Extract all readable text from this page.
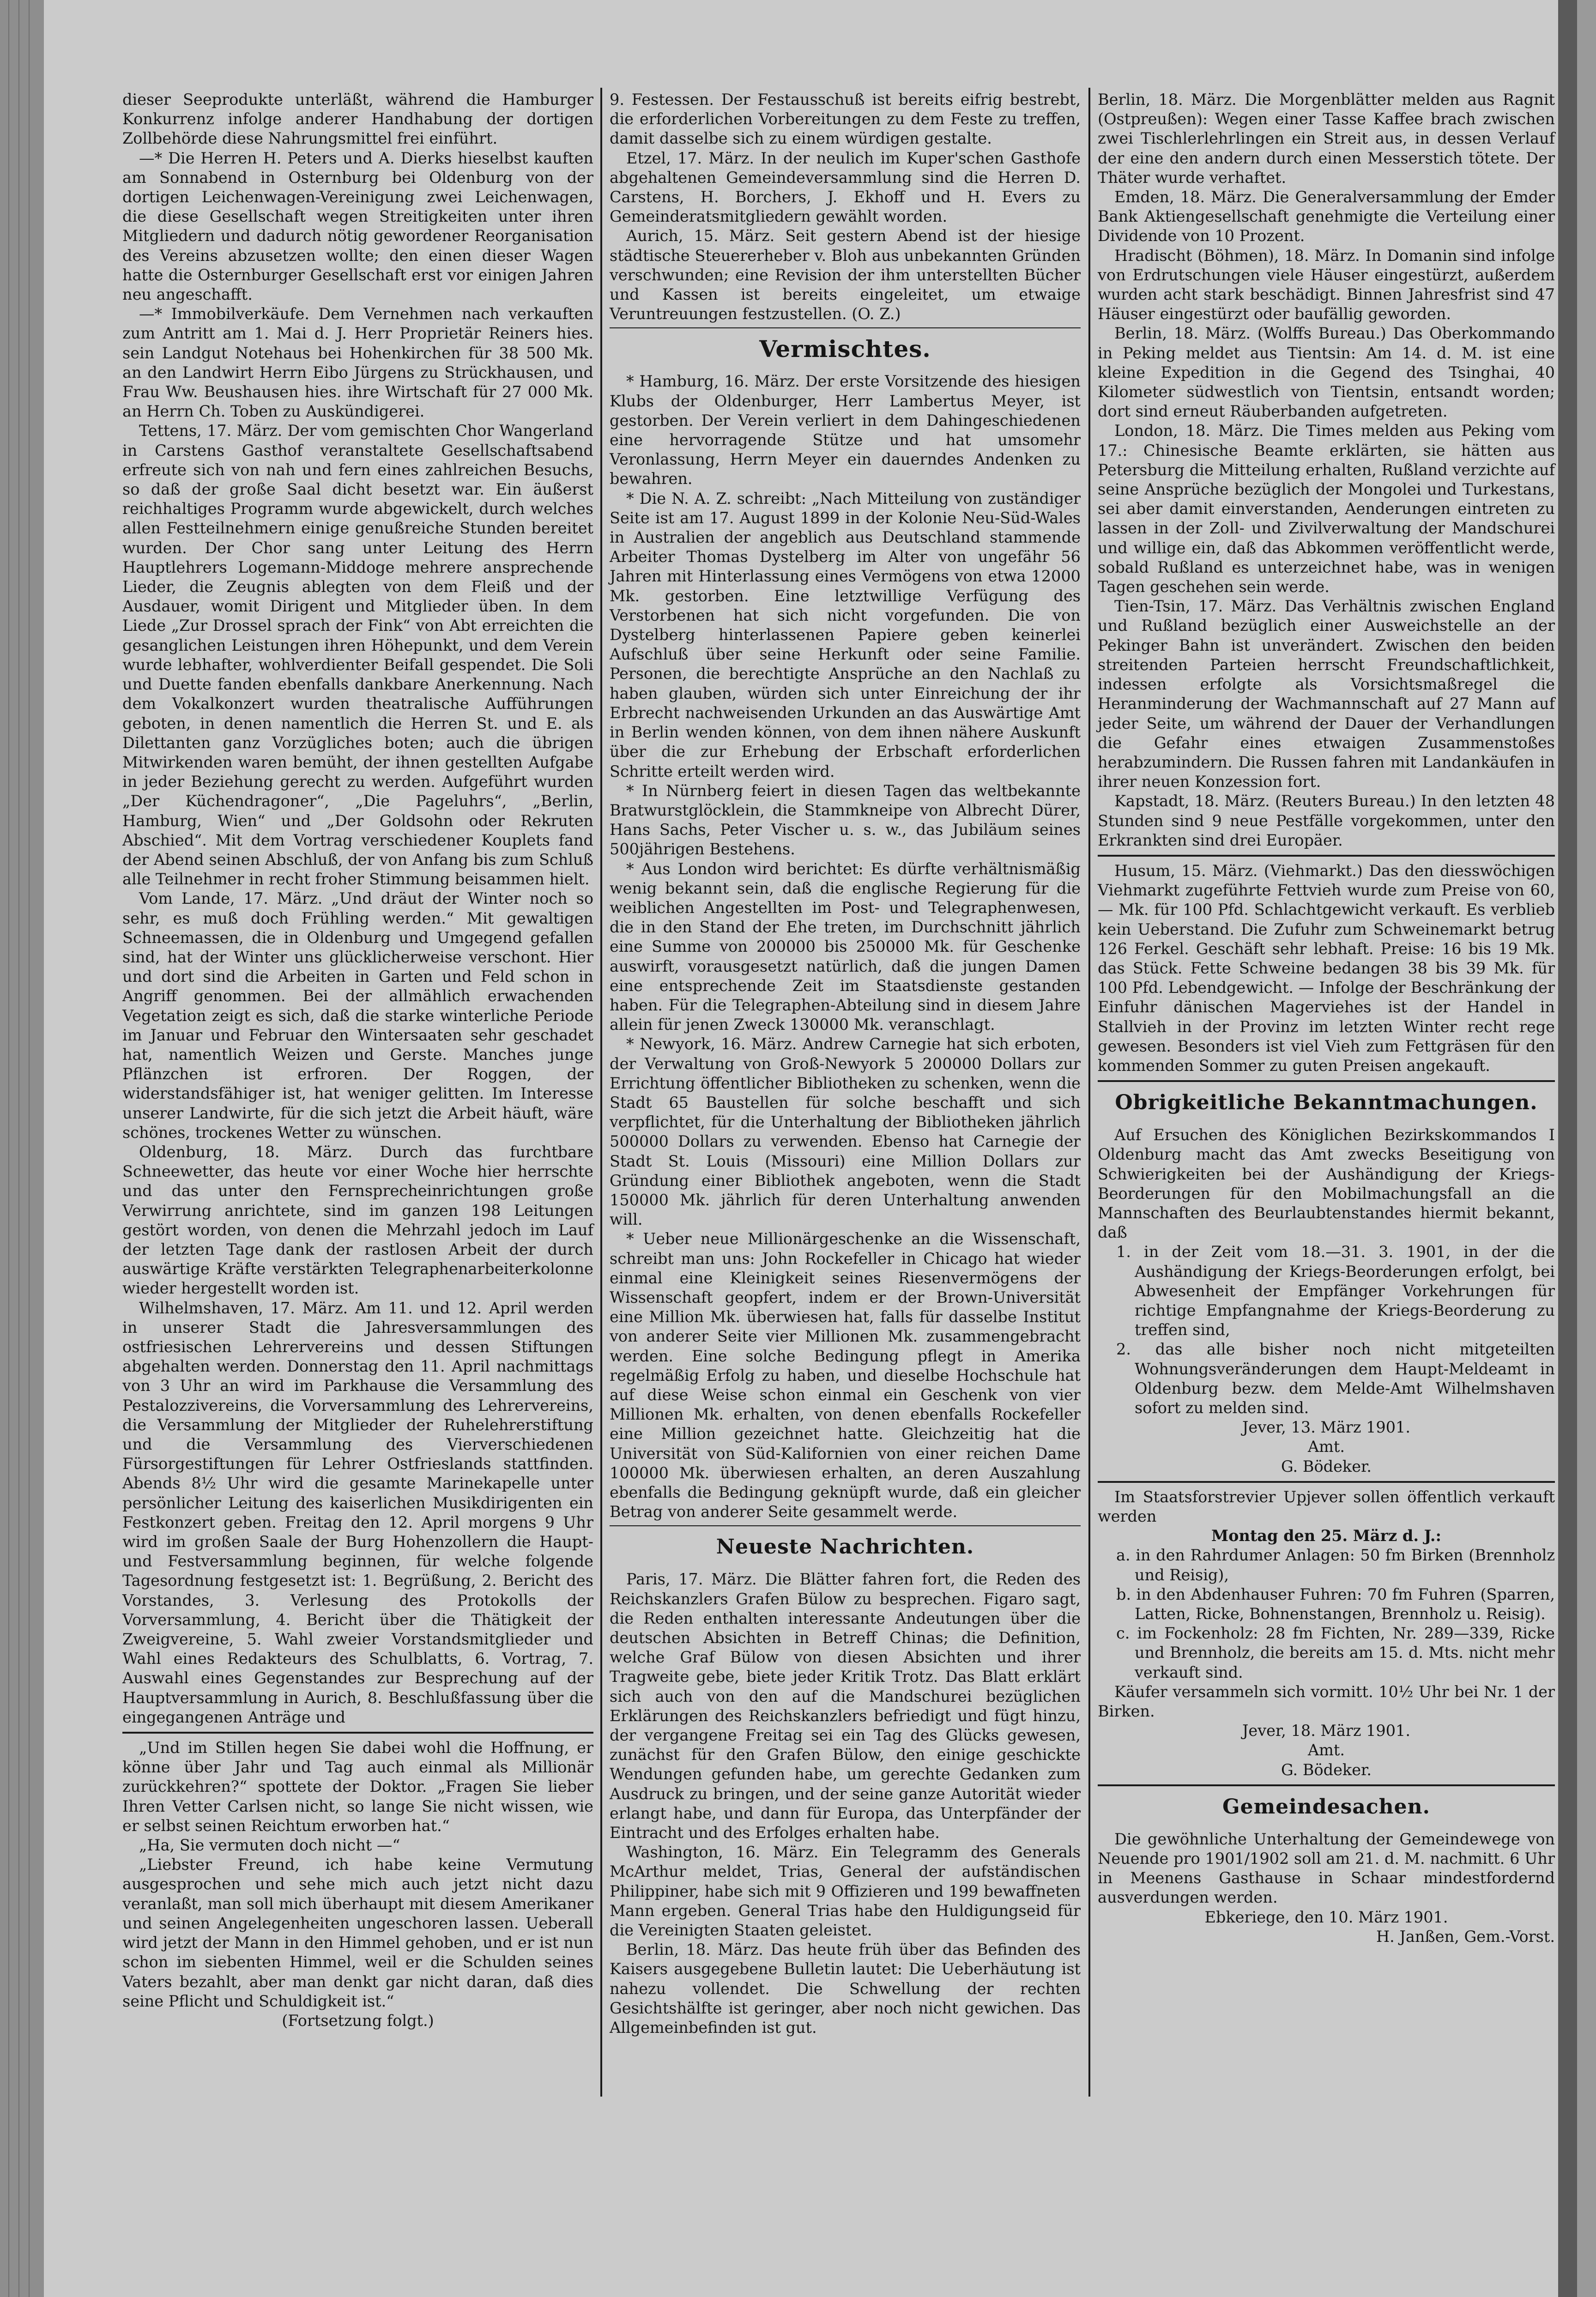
dieser Seeprodukte unterläßt, während die Hamburger Konkurrenz infolge anderer Handhabung der dortigen Zollbehörde diese Nahrungsmittel frei einführt.

—* Die Herren H. Peters und A. Dierks hieselbst kauften am Sonnabend in Osternburg bei Oldenburg von der dortigen Leichenwagen-Vereinigung zwei Leichenwagen, die diese Gesellschaft wegen Streitigkeiten unter ihren Mitgliedern und dadurch nötig gewordener Reorganisation des Vereins abzusetzen wollte; den einen dieser Wagen hatte die Osternburger Gesellschaft erst vor einigen Jahren neu angeschafft.

—* Immobilverkäufe. Dem Vernehmen nach verkauften zum Antritt am 1. Mai d. J. Herr Proprietär Reiners hies. sein Landgut Notehaus bei Hohenkirchen für 38 500 Mk. an den Landwirt Herrn Eibo Jürgens zu Strückhausen, und Frau Ww. Beushausen hies. ihre Wirtschaft für 27 000 Mk. an Herrn Ch. Toben zu Auskündigerei.

Tettens, 17. März. Der vom gemischten Chor Wangerland in Carstens Gasthof veranstaltete Gesellschaftsabend erfreute sich von nah und fern eines zahlreichen Besuchs, so daß der große Saal dicht besetzt war. Ein äußerst reichhaltiges Programm wurde abgewickelt, durch welches allen Festteilnehmern einige genußreiche Stunden bereitet wurden. Der Chor sang unter Leitung des Herrn Hauptlehrers Logemann-Middoge mehrere ansprechende Lieder, die Zeugnis ablegten von dem Fleiß und der Ausdauer, womit Dirigent und Mitglieder üben. In dem Liede „Zur Drossel sprach der Fink“ von Abt erreichten die gesanglichen Leistungen ihren Höhepunkt, und dem Verein wurde lebhafter, wohlverdienter Beifall gespendet. Die Soli und Duette fanden ebenfalls dankbare Anerkennung. Nach dem Vokalkonzert wurden theatralische Aufführungen geboten, in denen namentlich die Herren St. und E. als Dilettanten ganz Vorzügliches boten; auch die übrigen Mitwirkenden waren bemüht, der ihnen gestellten Aufgabe in jeder Beziehung gerecht zu werden. Aufgeführt wurden „Der Küchendragoner“, „Die Pageluhrs“, „Berlin, Hamburg, Wien“ und „Der Goldsohn oder Rekruten Abschied“. Mit dem Vortrag verschiedener Kouplets fand der Abend seinen Abschluß, der von Anfang bis zum Schluß alle Teilnehmer in recht froher Stimmung beisammen hielt.

Vom Lande, 17. März. „Und dräut der Winter noch so sehr, es muß doch Frühling werden.“ Mit gewaltigen Schneemassen, die in Oldenburg und Umgegend gefallen sind, hat der Winter uns glücklicherweise verschont. Hier und dort sind die Arbeiten in Garten und Feld schon in Angriff genommen. Bei der allmählich erwachenden Vegetation zeigt es sich, daß die starke winterliche Periode im Januar und Februar den Wintersaaten sehr geschadet hat, namentlich Weizen und Gerste. Manches junge Pflänzchen ist erfroren. Der Roggen, der widerstandsfähiger ist, hat weniger gelitten. Im Interesse unserer Landwirte, für die sich jetzt die Arbeit häuft, wäre schönes, trockenes Wetter zu wünschen.

Oldenburg, 18. März. Durch das furchtbare Schneewetter, das heute vor einer Woche hier herrschte und das unter den Fernsprecheinrichtungen große Verwirrung anrichtete, sind im ganzen 198 Leitungen gestört worden, von denen die Mehrzahl jedoch im Lauf der letzten Tage dank der rastlosen Arbeit der durch auswärtige Kräfte verstärkten Telegraphenarbeiterkolonne wieder hergestellt worden ist.

Wilhelmshaven, 17. März. Am 11. und 12. April werden in unserer Stadt die Jahresversammlungen des ostfriesischen Lehrervereins und dessen Stiftungen abgehalten werden. Donnerstag den 11. April nachmittags von 3 Uhr an wird im Parkhause die Versammlung des Pestalozzivereins, die Vorversammlung des Lehrervereins, die Versammlung der Mitglieder der Ruhelehrerstiftung und die Versammlung des Vierverschiedenen Fürsorgestiftungen für Lehrer Ostfrieslands stattfinden. Abends 8½ Uhr wird die gesamte Marinekapelle unter persönlicher Leitung des kaiserlichen Musikdirigenten ein Festkonzert geben. Freitag den 12. April morgens 9 Uhr wird im großen Saale der Burg Hohenzollern die Haupt- und Festversammlung beginnen, für welche folgende Tagesordnung festgesetzt ist: 1. Begrüßung, 2. Bericht des Vorstandes, 3. Verlesung des Protokolls der Vorversammlung, 4. Bericht über die Thätigkeit der Zweigvereine, 5. Wahl zweier Vorstandsmitglieder und Wahl eines Redakteurs des Schulblatts, 6. Vortrag, 7. Auswahl eines Gegenstandes zur Besprechung auf der Hauptversammlung in Aurich, 8. Beschlußfassung über die eingegangenen Anträge und

„Und im Stillen hegen Sie dabei wohl die Hoffnung, er könne über Jahr und Tag auch einmal als Millionär zurückkehren?“ spottete der Doktor. „Fragen Sie lieber Ihren Vetter Carlsen nicht, so lange Sie nicht wissen, wie er selbst seinen Reichtum erworben hat.“

„Ha, Sie vermuten doch nicht —“

„Liebster Freund, ich habe keine Vermutung ausgesprochen und sehe mich auch jetzt nicht dazu veranlaßt, man soll mich überhaupt mit diesem Amerikaner und seinen Angelegenheiten ungeschoren lassen. Ueberall wird jetzt der Mann in den Himmel gehoben, und er ist nun schon im siebenten Himmel, weil er die Schulden seines Vaters bezahlt, aber man denkt gar nicht daran, daß dies seine Pflicht und Schuldigkeit ist.“

(Fortsetzung folgt.)

9. Festessen. Der Festausschuß ist bereits eifrig bestrebt, die erforderlichen Vorbereitungen zu dem Feste zu treffen, damit dasselbe sich zu einem würdigen gestalte.

Etzel, 17. März. In der neulich im Kuper'schen Gasthofe abgehaltenen Gemeindeversammlung sind die Herren D. Carstens, H. Borchers, J. Ekhoff und H. Evers zu Gemeinderatsmitgliedern gewählt worden.

Aurich, 15. März. Seit gestern Abend ist der hiesige städtische Steuererheber v. Bloh aus unbekannten Gründen verschwunden; eine Revision der ihm unterstellten Bücher und Kassen ist bereits eingeleitet, um etwaige Veruntreuungen festzustellen. (O. Z.)

Vermischtes.

* Hamburg, 16. März. Der erste Vorsitzende des hiesigen Klubs der Oldenburger, Herr Lambertus Meyer, ist gestorben. Der Verein verliert in dem Dahingeschiedenen eine hervorragende Stütze und hat umsomehr Veronlassung, Herrn Meyer ein dauerndes Andenken zu bewahren.

* Die N. A. Z. schreibt: „Nach Mitteilung von zuständiger Seite ist am 17. August 1899 in der Kolonie Neu-Süd-Wales in Australien der angeblich aus Deutschland stammende Arbeiter Thomas Dystelberg im Alter von ungefähr 56 Jahren mit Hinterlassung eines Vermögens von etwa 12000 Mk. gestorben. Eine letztwillige Verfügung des Verstorbenen hat sich nicht vorgefunden. Die von Dystelberg hinterlassenen Papiere geben keinerlei Aufschluß über seine Herkunft oder seine Familie. Personen, die berechtigte Ansprüche an den Nachlaß zu haben glauben, würden sich unter Einreichung der ihr Erbrecht nachweisenden Urkunden an das Auswärtige Amt in Berlin wenden können, von dem ihnen nähere Auskunft über die zur Erhebung der Erbschaft erforderlichen Schritte erteilt werden wird.

* In Nürnberg feiert in diesen Tagen das weltbekannte Bratwurstglöcklein, die Stammkneipe von Albrecht Dürer, Hans Sachs, Peter Vischer u. s. w., das Jubiläum seines 500jährigen Bestehens.

* Aus London wird berichtet: Es dürfte verhältnismäßig wenig bekannt sein, daß die englische Regierung für die weiblichen Angestellten im Post- und Telegraphenwesen, die in den Stand der Ehe treten, im Durchschnitt jährlich eine Summe von 200000 bis 250000 Mk. für Geschenke auswirft, vorausgesetzt natürlich, daß die jungen Damen eine entsprechende Zeit im Staatsdienste gestanden haben. Für die Telegraphen-Abteilung sind in diesem Jahre allein für jenen Zweck 130000 Mk. veranschlagt.

* Newyork, 16. März. Andrew Carnegie hat sich erboten, der Verwaltung von Groß-Newyork 5 200000 Dollars zur Errichtung öffentlicher Bibliotheken zu schenken, wenn die Stadt 65 Baustellen für solche beschafft und sich verpflichtet, für die Unterhaltung der Bibliotheken jährlich 500000 Dollars zu verwenden. Ebenso hat Carnegie der Stadt St. Louis (Missouri) eine Million Dollars zur Gründung einer Bibliothek angeboten, wenn die Stadt 150000 Mk. jährlich für deren Unterhaltung anwenden will.

* Ueber neue Millionärgeschenke an die Wissenschaft, schreibt man uns: John Rockefeller in Chicago hat wieder einmal eine Kleinigkeit seines Riesenvermögens der Wissenschaft geopfert, indem er der Brown-Universität eine Million Mk. überwiesen hat, falls für dasselbe Institut von anderer Seite vier Millionen Mk. zusammengebracht werden. Eine solche Bedingung pflegt in Amerika regelmäßig Erfolg zu haben, und dieselbe Hochschule hat auf diese Weise schon einmal ein Geschenk von vier Millionen Mk. erhalten, von denen ebenfalls Rockefeller eine Million gezeichnet hatte. Gleichzeitig hat die Universität von Süd-Kalifornien von einer reichen Dame 100000 Mk. überwiesen erhalten, an deren Auszahlung ebenfalls die Bedingung geknüpft wurde, daß ein gleicher Betrag von anderer Seite gesammelt werde.

Neueste Nachrichten.

Paris, 17. März. Die Blätter fahren fort, die Reden des Reichskanzlers Grafen Bülow zu besprechen. Figaro sagt, die Reden enthalten interessante Andeutungen über die deutschen Absichten in Betreff Chinas; die Definition, welche Graf Bülow von diesen Absichten und ihrer Tragweite gebe, biete jeder Kritik Trotz. Das Blatt erklärt sich auch von den auf die Mandschurei bezüglichen Erklärungen des Reichskanzlers befriedigt und fügt hinzu, der vergangene Freitag sei ein Tag des Glücks gewesen, zunächst für den Grafen Bülow, den einige geschickte Wendungen gefunden habe, um gerechte Gedanken zum Ausdruck zu bringen, und der seine ganze Autorität wieder erlangt habe, und dann für Europa, das Unterpfänder der Eintracht und des Erfolges erhalten habe.

Washington, 16. März. Ein Telegramm des Generals McArthur meldet, Trias, General der aufständischen Philippiner, habe sich mit 9 Offizieren und 199 bewaffneten Mann ergeben. General Trias habe den Huldigungseid für die Vereinigten Staaten geleistet.

Berlin, 18. März. Das heute früh über das Befinden des Kaisers ausgegebene Bulletin lautet: Die Ueberhäutung ist nahezu vollendet. Die Schwellung der rechten Gesichtshälfte ist geringer, aber noch nicht gewichen. Das Allgemeinbefinden ist gut.

Berlin, 18. März. Die Morgenblätter melden aus Ragnit (Ostpreußen): Wegen einer Tasse Kaffee brach zwischen zwei Tischlerlehrlingen ein Streit aus, in dessen Verlauf der eine den andern durch einen Messerstich tötete. Der Thäter wurde verhaftet.

Emden, 18. März. Die Generalversammlung der Emder Bank Aktiengesellschaft genehmigte die Verteilung einer Dividende von 10 Prozent.

Hradischt (Böhmen), 18. März. In Domanin sind infolge von Erdrutschungen viele Häuser eingestürzt, außerdem wurden acht stark beschädigt. Binnen Jahresfrist sind 47 Häuser eingestürzt oder baufällig geworden.

Berlin, 18. März. (Wolffs Bureau.) Das Oberkommando in Peking meldet aus Tientsin: Am 14. d. M. ist eine kleine Expedition in die Gegend des Tsinghai, 40 Kilometer südwestlich von Tientsin, entsandt worden; dort sind erneut Räuberbanden aufgetreten.

London, 18. März. Die Times melden aus Peking vom 17.: Chinesische Beamte erklärten, sie hätten aus Petersburg die Mitteilung erhalten, Rußland verzichte auf seine Ansprüche bezüglich der Mongolei und Turkestans, sei aber damit einverstanden, Aenderungen eintreten zu lassen in der Zoll- und Zivilverwaltung der Mandschurei und willige ein, daß das Abkommen veröffentlicht werde, sobald Rußland es unterzeichnet habe, was in wenigen Tagen geschehen sein werde.

Tien-Tsin, 17. März. Das Verhältnis zwischen England und Rußland bezüglich einer Ausweichstelle an der Pekinger Bahn ist unverändert. Zwischen den beiden streitenden Parteien herrscht Freundschaftlichkeit, indessen erfolgte als Vorsichtsmaßregel die Heranminderung der Wachmannschaft auf 27 Mann auf jeder Seite, um während der Dauer der Verhandlungen die Gefahr eines etwaigen Zusammenstoßes herabzumindern. Die Russen fahren mit Landankäufen in ihrer neuen Konzession fort.

Kapstadt, 18. März. (Reuters Bureau.) In den letzten 48 Stunden sind 9 neue Pestfälle vorgekommen, unter den Erkrankten sind drei Europäer.

Husum, 15. März. (Viehmarkt.) Das den diesswöchigen Viehmarkt zugeführte Fettvieh wurde zum Preise von 60,— Mk. für 100 Pfd. Schlachtgewicht verkauft. Es verblieb kein Ueberstand. Die Zufuhr zum Schweinemarkt betrug 126 Ferkel. Geschäft sehr lebhaft. Preise: 16 bis 19 Mk. das Stück. Fette Schweine bedangen 38 bis 39 Mk. für 100 Pfd. Lebendgewicht. — Infolge der Beschränkung der Einfuhr dänischen Magerviehes ist der Handel in Stallvieh in der Provinz im letzten Winter recht rege gewesen. Besonders ist viel Vieh zum Fettgräsen für den kommenden Sommer zu guten Preisen angekauft.

Obrigkeitliche Bekanntmachungen.

Auf Ersuchen des Königlichen Bezirkskommandos I Oldenburg macht das Amt zwecks Beseitigung von Schwierigkeiten bei der Aushändigung der Kriegs-Beorderungen für den Mobilmachungsfall an die Mannschaften des Beurlaubtenstandes hiermit bekannt, daß

1. in der Zeit vom 18.—31. 3. 1901, in der die Aushändigung der Kriegs-Beorderungen erfolgt, bei Abwesenheit der Empfänger Vorkehrungen für richtige Empfangnahme der Kriegs-Beorderung zu treffen sind,

2. das alle bisher noch nicht mitgeteilten Wohnungsveränderungen dem Haupt-Meldeamt in Oldenburg bezw. dem Melde-Amt Wilhelmshaven sofort zu melden sind.

Jever, 13. März 1901.

Amt.

G. Bödeker.

Im Staatsforstrevier Upjever sollen öffentlich verkauft werden

Montag den 25. März d. J.:

a. in den Rahrdumer Anlagen: 50 fm Birken (Brennholz und Reisig),

b. in den Abdenhauser Fuhren: 70 fm Fuhren (Sparren, Latten, Ricke, Bohnenstangen, Brennholz u. Reisig).

c. im Fockenholz: 28 fm Fichten, Nr. 289—339, Ricke und Brennholz, die bereits am 15. d. Mts. nicht mehr verkauft sind.

Käufer versammeln sich vormitt. 10½ Uhr bei Nr. 1 der Birken.

Jever, 18. März 1901.

Amt.

G. Bödeker.

Gemeindesachen.

Die gewöhnliche Unterhaltung der Gemeindewege von Neuende pro 1901/1902 soll am 21. d. M. nachmitt. 6 Uhr in Meenens Gasthause in Schaar mindestfordernd ausverdungen werden.

Ebkeriege, den 10. März 1901.

H. Janßen, Gem.-Vorst.
